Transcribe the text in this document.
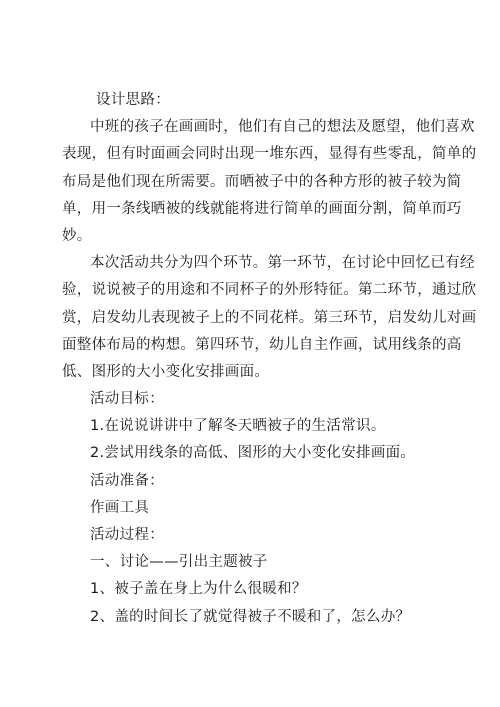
设计思路：
中班的孩子在画画时，他们有自己的想法及愿望，他们喜欢
表现，但有时面画会同时出现一堆东西，显得有些零乱，简单的
布局是他们现在所需要。而晒被子中的各种方形的被子较为简
单，用一条线晒被的线就能将进行简单的画面分割，简单而巧
妙。
本次活动共分为四个环节。第一环节，在讨论中回忆已有经
验，说说被子的用途和不同杯子的外形特征。第二环节，通过欣
赏，启发幼儿表现被子上的不同花样。第三环节，启发幼儿对画
面整体布局的构想。第四环节，幼儿自主作画，试用线条的高
低、图形的大小变化安排画面。
活动目标：
1.在说说讲讲中了解冬天晒被子的生活常识。
2.尝试用线条的高低、图形的大小变化安排画面。
活动准备：
作画工具
活动过程：
一、讨论——引出主题被子
1、被子盖在身上为什么很暖和？
2、盖的时间长了就觉得被子不暖和了，怎么办？
